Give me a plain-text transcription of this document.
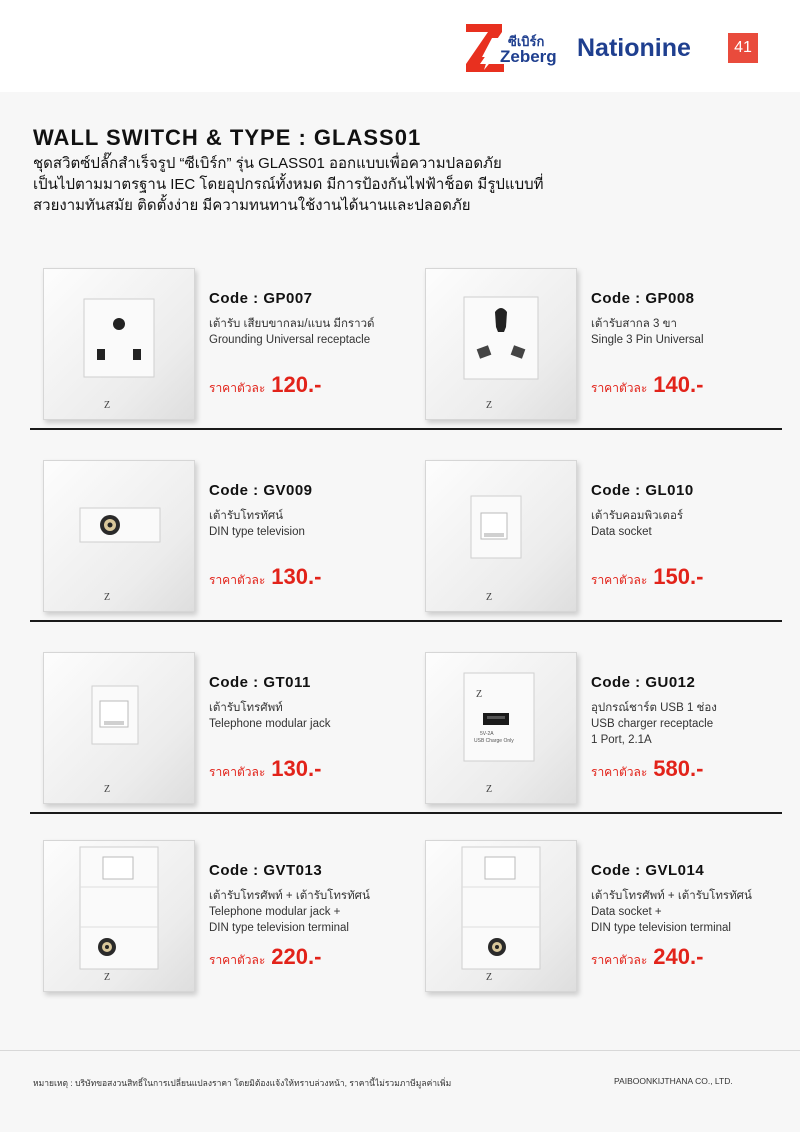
ซีเบิร์ก
Zeberg Nationine	41
WALL SWITCH & TYPE : GLASS01
ชุดสวิตซ์ปลั๊กสำเร็จรูป “ซีเบิร์ก” รุ่น GLASS01 ออกแบบเพื่อความปลอดภัย
เป็นไปตามมาตรฐาน IEC โดยอุปกรณ์ทั้งหมด มีการป้องกันไฟฟ้าช็อต มีรูปแบบที่
สวยงามทันสมัย ติดตั้งง่าย มีความทนทานใช้งานได้นานและปลอดภัย
Z
Code : GP007
เต้ารับ เสียบขากลม/แบน มีกราวด์
Grounding Universal receptacle
ราคาตัวละ 120.-
Z
Code : GP008
เต้ารับสากล 3 ขา
Single 3 Pin Universal
ราคาตัวละ 140.-
Z
Code : GV009
เต้ารับโทรทัศน์
DIN type television
ราคาตัวละ 130.-
Z
Code : GL010
เต้ารับคอมพิวเตอร์
Data socket
ราคาตัวละ 150.-
Z
Code : GT011
เต้ารับโทรศัพท์
Telephone modular jack
ราคาตัวละ 130.-
Z
5V-2A
USB Charge Only
Z
Code : GU012
อุปกรณ์ชาร์ต USB 1 ช่อง
USB charger receptacle
1 Port, 2.1A
ราคาตัวละ 580.-
Z
Code : GVT013
เต้ารับโทรศัพท์ + เต้ารับโทรทัศน์
Telephone modular jack +
DIN type television terminal
ราคาตัวละ 220.-
Z
Code : GVL014
เต้ารับโทรศัพท์ + เต้ารับโทรทัศน์
Data socket +
DIN type television terminal
ราคาตัวละ 240.-
หมายเหตุ : บริษัทขอสงวนสิทธิ์ในการเปลี่ยนแปลงราคา โดยมิต้องแจ้งให้ทราบล่วงหน้า, ราคานี้ไม่รวมภาษีมูลค่าเพิ่ม	PAIBOONKIJTHANA CO., LTD.
